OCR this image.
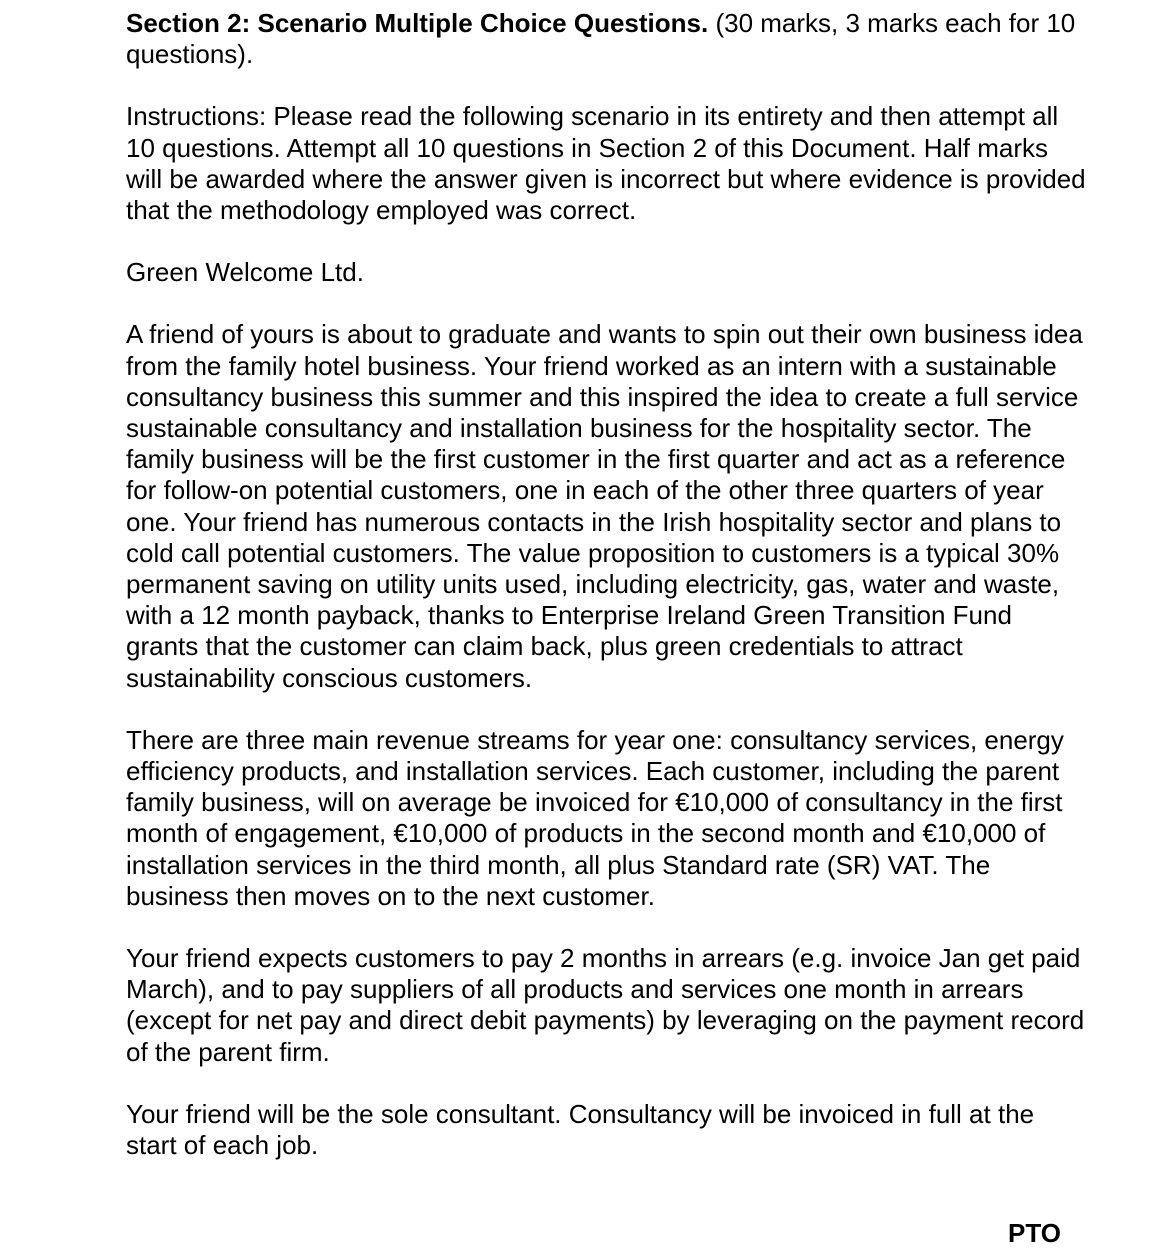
Section 2: Scenario Multiple Choice Questions. (30 marks, 3 marks each for 10 questions).

Instructions: Please read the following scenario in its entirety and then attempt all 10 questions. Attempt all 10 questions in Section 2 of this Document. Half marks will be awarded where the answer given is incorrect but where evidence is provided that the methodology employed was correct.

Green Welcome Ltd.

A friend of yours is about to graduate and wants to spin out their own business idea from the family hotel business. Your friend worked as an intern with a sustainable consultancy business this summer and this inspired the idea to create a full service sustainable consultancy and installation business for the hospitality sector. The family business will be the first customer in the first quarter and act as a reference for follow-on potential customers, one in each of the other three quarters of year one. Your friend has numerous contacts in the Irish hospitality sector and plans to cold call potential customers. The value proposition to customers is a typical 30% permanent saving on utility units used, including electricity, gas, water and waste, with a 12 month payback, thanks to Enterprise Ireland Green Transition Fund grants that the customer can claim back, plus green credentials to attract sustainability conscious customers.

There are three main revenue streams for year one: consultancy services, energy efficiency products, and installation services. Each customer, including the parent family business, will on average be invoiced for €10,000 of consultancy in the first month of engagement, €10,000 of products in the second month and €10,000 of installation services in the third month, all plus Standard rate (SR) VAT. The business then moves on to the next customer.

Your friend expects customers to pay 2 months in arrears (e.g. invoice Jan get paid March), and to pay suppliers of all products and services one month in arrears (except for net pay and direct debit payments) by leveraging on the payment record of the parent firm.

Your friend will be the sole consultant. Consultancy will be invoiced in full at the start of each job.

PTO
